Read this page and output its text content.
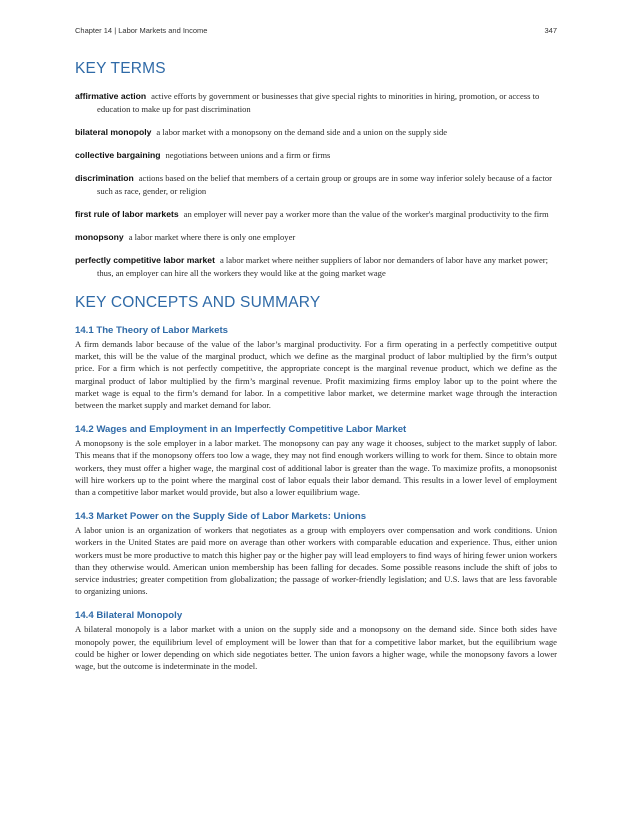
Chapter 14 | Labor Markets and Income	347
KEY TERMS
affirmative action active efforts by government or businesses that give special rights to minorities in hiring, promotion, or access to education to make up for past discrimination
bilateral monopoly a labor market with a monopsony on the demand side and a union on the supply side
collective bargaining negotiations between unions and a firm or firms
discrimination actions based on the belief that members of a certain group or groups are in some way inferior solely because of a factor such as race, gender, or religion
first rule of labor markets an employer will never pay a worker more than the value of the worker's marginal productivity to the firm
monopsony a labor market where there is only one employer
perfectly competitive labor market a labor market where neither suppliers of labor nor demanders of labor have any market power; thus, an employer can hire all the workers they would like at the going market wage
KEY CONCEPTS AND SUMMARY
14.1 The Theory of Labor Markets

A firm demands labor because of the value of the labor’s marginal productivity. For a firm operating in a perfectly competitive output market, this will be the value of the marginal product, which we define as the marginal product of labor multiplied by the firm’s output price. For a firm which is not perfectly competitive, the appropriate concept is the marginal revenue product, which we define as the marginal product of labor multiplied by the firm’s marginal revenue. Profit maximizing firms employ labor up to the point where the market wage is equal to the firm’s demand for labor. In a competitive labor market, we determine market wage through the interaction between the market supply and market demand for labor.

14.2 Wages and Employment in an Imperfectly Competitive Labor Market

A monopsony is the sole employer in a labor market. The monopsony can pay any wage it chooses, subject to the market supply of labor. This means that if the monopsony offers too low a wage, they may not find enough workers willing to work for them. Since to obtain more workers, they must offer a higher wage, the marginal cost of additional labor is greater than the wage. To maximize profits, a monopsonist will hire workers up to the point where the marginal cost of labor equals their labor demand. This results in a lower level of employment than a competitive labor market would provide, but also a lower equilibrium wage.

14.3 Market Power on the Supply Side of Labor Markets: Unions

A labor union is an organization of workers that negotiates as a group with employers over compensation and work conditions. Union workers in the United States are paid more on average than other workers with comparable education and experience. Thus, either union workers must be more productive to match this higher pay or the higher pay will lead employers to find ways of hiring fewer union workers than they otherwise would. American union membership has been falling for decades. Some possible reasons include the shift of jobs to service industries; greater competition from globalization; the passage of worker-friendly legislation; and U.S. laws that are less favorable to organizing unions.

14.4 Bilateral Monopoly

A bilateral monopoly is a labor market with a union on the supply side and a monopsony on the demand side. Since both sides have monopoly power, the equilibrium level of employment will be lower than that for a competitive labor market, but the equilibrium wage could be higher or lower depending on which side negotiates better. The union favors a higher wage, while the monopsony favors a lower wage, but the outcome is indeterminate in the model.
